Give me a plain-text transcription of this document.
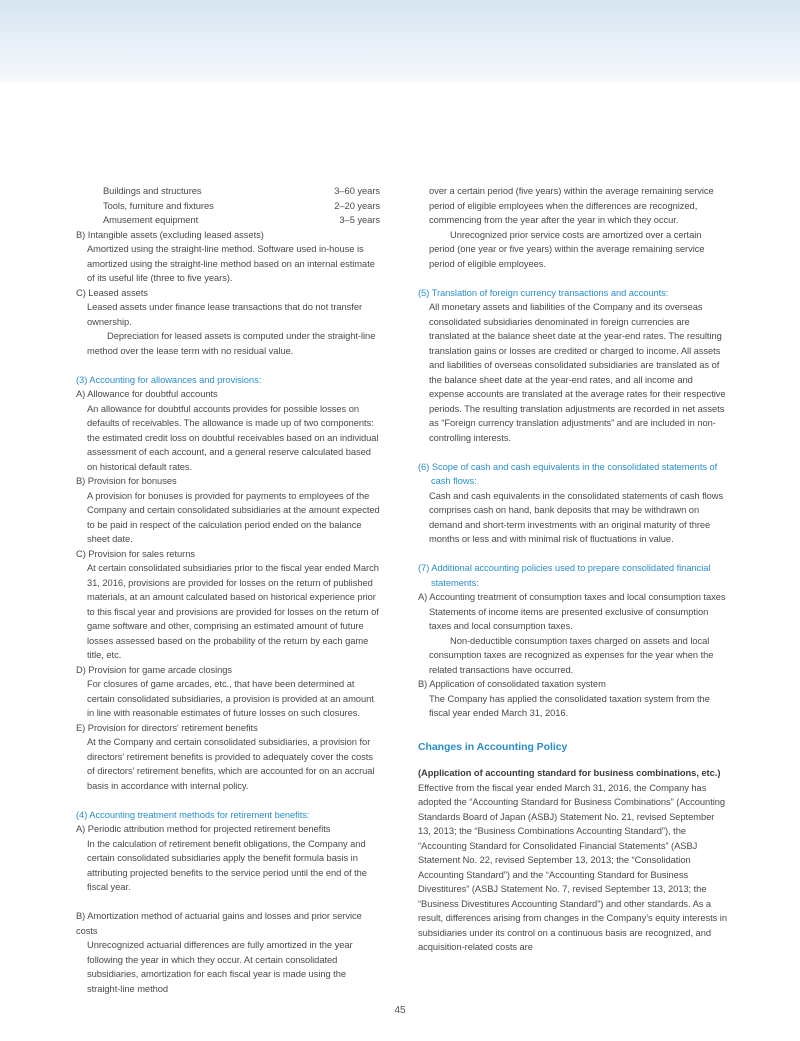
Buildings and structures	3–60 years
Tools, furniture and fixtures	2–20 years
Amusement equipment	3–5 years

B) Intangible assets (excluding leased assets)

Amortized using the straight-line method. Software used in-house is amortized using the straight-line method based on an internal estimate of its useful life (three to five years).

C) Leased assets

Leased assets under finance lease transactions that do not transfer ownership.

Depreciation for leased assets is computed under the straight-line method over the lease term with no residual value.

(3) Accounting for allowances and provisions:

A) Allowance for doubtful accounts

An allowance for doubtful accounts provides for possible losses on defaults of receivables. The allowance is made up of two components: the estimated credit loss on doubtful receivables based on an individual assessment of each account, and a general reserve calculated based on historical default rates.

B) Provision for bonuses

A provision for bonuses is provided for payments to employees of the Company and certain consolidated subsidiaries at the amount expected to be paid in respect of the calculation period ended on the balance sheet date.

C) Provision for sales returns

At certain consolidated subsidiaries prior to the fiscal year ended March 31, 2016, provisions are provided for losses on the return of published materials, at an amount calculated based on historical experience prior to this fiscal year and provisions are provided for losses on the return of game software and other, comprising an estimated amount of future losses assessed based on the probability of the return by each game title, etc.

D) Provision for game arcade closings

For closures of game arcades, etc., that have been determined at certain consolidated subsidiaries, a provision is provided at an amount in line with reasonable estimates of future losses on such closures.

E) Provision for directors' retirement benefits

At the Company and certain consolidated subsidiaries, a provision for directors' retirement benefits is provided to adequately cover the costs of directors' retirement benefits, which are accounted for on an accrual basis in accordance with internal policy.

(4) Accounting treatment methods for retirement benefits:

A) Periodic attribution method for projected retirement benefits

In the calculation of retirement benefit obligations, the Company and certain consolidated subsidiaries apply the benefit formula basis in attributing projected benefits to the service period until the end of the fiscal year.

B) Amortization method of actuarial gains and losses and prior service costs

Unrecognized actuarial differences are fully amortized in the year following the year in which they occur. At certain consolidated subsidiaries, amortization for each fiscal year is made using the straight-line method

over a certain period (five years) within the average remaining service period of eligible employees when the differences are recognized, commencing from the year after the year in which they occur.

Unrecognized prior service costs are amortized over a certain period (one year or five years) within the average remaining service period of eligible employees.

(5) Translation of foreign currency transactions and accounts:

All monetary assets and liabilities of the Company and its overseas consolidated subsidiaries denominated in foreign currencies are translated at the balance sheet date at the year-end rates. The resulting translation gains or losses are credited or charged to income. All assets and liabilities of overseas consolidated subsidiaries are translated as of the balance sheet date at the year-end rates, and all income and expense accounts are translated at the average rates for their respective periods. The resulting translation adjustments are recorded in net assets as “Foreign currency translation adjustments” and are included in non-controlling interests.

(6) Scope of cash and cash equivalents in the consolidated statements of cash flows:

Cash and cash equivalents in the consolidated statements of cash flows comprises cash on hand, bank deposits that may be withdrawn on demand and short-term investments with an original maturity of three months or less and with minimal risk of fluctuations in value.

(7) Additional accounting policies used to prepare consolidated financial statements:

A) Accounting treatment of consumption taxes and local consumption taxes

Statements of income items are presented exclusive of consumption taxes and local consumption taxes.

Non-deductible consumption taxes charged on assets and local consumption taxes are recognized as expenses for the year when the related transactions have occurred.

B) Application of consolidated taxation system

The Company has applied the consolidated taxation system from the fiscal year ended March 31, 2016.

Changes in Accounting Policy

(Application of accounting standard for business combinations, etc.)

Effective from the fiscal year ended March 31, 2016, the Company has adopted the “Accounting Standard for Business Combinations” (Accounting Standards Board of Japan (ASBJ) Statement No. 21, revised September 13, 2013; the “Business Combinations Accounting Standard”), the “Accounting Standard for Consolidated Financial Statements” (ASBJ Statement No. 22, revised September 13, 2013; the “Consolidation Accounting Standard”) and the “Accounting Standard for Business Divestitures” (ASBJ Statement No. 7, revised September 13, 2013; the “Business Divestitures Accounting Standard”) and other standards. As a result, differences arising from changes in the Company’s equity interests in subsidiaries under its control on a continuous basis are recognized, and acquisition-related costs are

45
